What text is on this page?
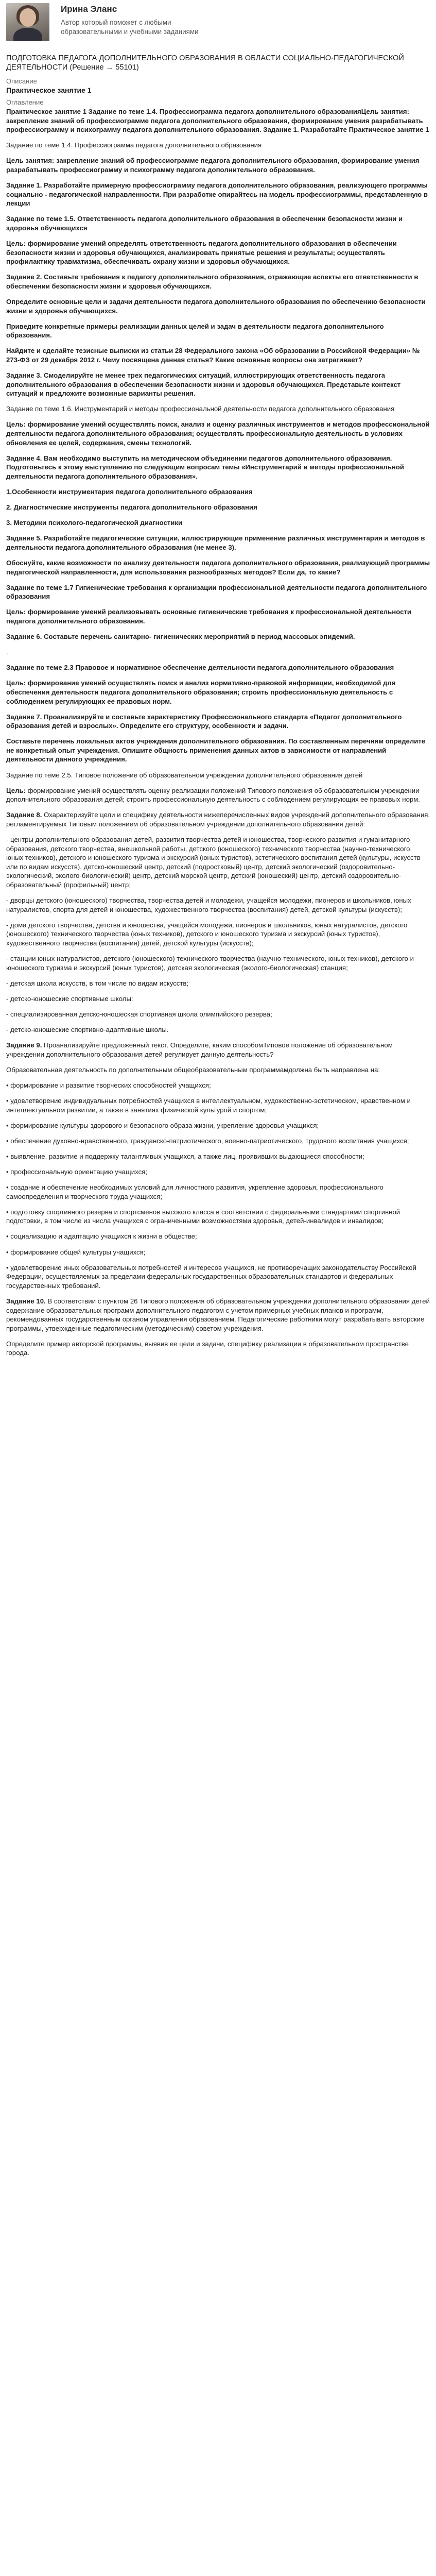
Ирина Эланс
Автор который поможет с любыми образовательными и учебными заданиями
ПОДГОТОВКА ПЕДАГОГА ДОПОЛНИТЕЛЬНОГО ОБРАЗОВАНИЯ В ОБЛАСТИ СОЦИАЛЬНО-ПЕДАГОГИЧЕСКОЙ ДЕЯТЕЛЬНОСТИ (Решение → 55101)
Описание
Практическое занятие 1
Оглавление

Практическое занятие 1 Задание по теме 1.4. Профессиограмма педагога дополнительного образованияЦель занятия: закрепление знаний об профессиограмме педагога дополнительного образования, формирование умения разрабатывать профессиограмму и психограмму педагога дополнительного образования. Задание 1. Разработайте Практическое занятие 1

Задание по теме 1.4. Профессиограмма педагога дополнительного образования

Цель занятия: закрепление знаний об профессиограмме педагога дополнительного образования, формирование умения разрабатывать профессиограмму и психограмму педагога дополнительного образования.

Задание 1. Разработайте примерную профессиограмму педагога дополнительного образования, реализующего программы социально - педагогической направленности. При разработке опирайтесь на модель профессиограммы, представленную в лекции

Задание по теме 1.5. Ответственность педагога дополнительного образования в обеспечении безопасности жизни и здоровья обучающихся

Цель: формирование умений определять ответственность педагога дополнительного образования в обеспечении безопасности жизни и здоровья обучающихся, анализировать принятые решения и результаты; осуществлять профилактику травматизма, обеспечивать охрану жизни и здоровья обучающихся.

Задание 2. Составьте требования к педагогу дополнительного образования, отражающие аспекты его ответственности в обеспечении безопасности жизни и здоровья обучающихся.

Определите основные цели и задачи деятельности педагога дополнительного образования по обеспечению безопасности жизни и здоровья обучающихся.

Приведите конкретные примеры реализации данных целей и задач в деятельности педагога дополнительного образования.

Найдите и сделайте тезисные выписки из статьи 28 Федерального закона «Об образовании в Российской Федерации» № 273-ФЗ от 29 декабря 2012 г. Чему посвящена данная статья? Какие основные вопросы она затрагивает?

Задание 3. Смоделируйте не менее трех педагогических ситуаций, иллюстрирующих ответственность педагога дополнительного образования в обеспечении безопасности жизни и здоровья обучающихся. Представьте контекст ситуаций и предложите возможные варианты решения.

Задание по теме 1.6. Инструментарий и методы профессиональной деятельности педагога дополнительного образования

Цель: формирование умений осуществлять поиск, анализ и оценку различных инструментов и методов профессиональной деятельности педагога дополнительного образования; осуществлять профессиональную деятельность в условиях обновления ее целей, содержания, смены технологий.

Задание 4. Вам необходимо выступить на методическом объединении педагогов дополнительного образования. Подготовьтесь к этому выступлению по следующим вопросам темы «Инструментарий и методы профессиональной деятельности педагога дополнительного образования».

1.Особенности инструментария педагога дополнительного образования

2. Диагностические инструменты педагога дополнительного образования

3. Методики психолого-педагогической диагностики

Задание 5. Разработайте педагогические ситуации, иллюстрирующие применение различных инструментария и методов в деятельности педагога дополнительного образования (не менее 3).

Обоснуйте, какие возможности по анализу деятельности педагога дополнительного образования, реализующий программы педагогической направленности, для использования разнообразных методов? Если да, то какие?

Задание по теме 1.7 Гигиенические требования к организации профессиональной деятельности педагога дополнительного образования

Цель: формирование умений реализовывать основные гигиенические требования к профессиональной деятельности педагога дополнительного образования.

Задание 6. Составьте перечень санитарно- гигиенических мероприятий в период массовых эпидемий.

.

Задание по теме 2.3 Правовое и нормативное обеспечение деятельности педагога дополнительного образования

Цель: формирование умений осуществлять поиск и анализ нормативно-правовой информации, необходимой для обеспечения деятельности педагога дополнительного образования; строить профессиональную деятельность с соблюдением регулирующих ее правовых норм.

Задание 7. Проанализируйте и составьте характеристику Профессионального стандарта «Педагог дополнительного образования детей и взрослых». Определите его структуру, особенности и задачи.

Составьте перечень локальных актов учреждения дополнительного образования. По составленным перечням определите не конкретный опыт учреждения. Опишите общность применения данных актов в зависимости от направлений деятельности данного учреждения.

Задание по теме 2.5. Типовое положение об образовательном учреждении дополнительного образования детей

Цель: формирование умений осуществлять оценку реализации положений Типового положения об образовательном учреждении дополнительного образования детей; строить профессиональную деятельность с соблюдением регулирующих ее правовых норм.

Задание 8. Охарактеризуйте цели и специфику деятельности нижеперечисленных видов учреждений дополнительного образования, регламентируемых Типовым положением об образовательном учреждении дополнительного образования детей:

- центры дополнительного образования детей, развития творчества детей и юношества, творческого развития и гуманитарного образования, детского творчества, внешкольной работы, детского (юношеского) технического творчества (научно-технического, юных техников), детского и юношеского туризма и экскурсий (юных туристов), эстетического воспитания детей (культуры, искусств или по видам искусств), детско-юношеский центр, детский (подростковый) центр, детский экологический (оздоровительно-экологический, эколого-биологический) центр, детский морской центр, детский (юношеский) центр, детский оздоровительно-образовательный (профильный) центр;

- дворцы детского (юношеского) творчества, творчества детей и молодежи, учащейся молодежи, пионеров и школьников, юных натуралистов, спорта для детей и юношества, художественного творчества (воспитания) детей, детской культуры (искусств);

- дома детского творчества, детства и юношества, учащейся молодежи, пионеров и школьников, юных натуралистов, детского (юношеского) технического творчества (юных техников), детского и юношеского туризма и экскурсий (юных туристов), художественного творчества (воспитания) детей, детской культуры (искусств);

- станции юных натуралистов, детского (юношеского) технического творчества (научно-технического, юных техников), детского и юношеского туризма и экскурсий (юных туристов), детская экологическая (эколого-биологическая) станция;

- детская школа искусств, в том числе по видам искусств;

- детско-юношеские спортивные школы:

- специализированная детско-юношеская спортивная школа олимпийского резерва;

- детско-юношеские спортивно-адаптивные школы.

Задание 9. Проанализируйте предложенный текст. Определите, каким способомТиповое положение об образовательном учреждении дополнительного образования детей регулирует данную деятельность?

Образовательная деятельность по дополнительным общеобразовательным программамдолжна быть направлена на:

• формирование и развитие творческих способностей учащихся;

• удовлетворение индивидуальных потребностей учащихся в интеллектуальном, художественно-эстетическом, нравственном и интеллектуальном развитии, а также в занятиях физической культурой и спортом;

• формирование культуры здорового и безопасного образа жизни, укрепление здоровья учащихся;

• обеспечение духовно-нравственного, гражданско-патриотического, военно-патриотического, трудового воспитания учащихся;

• выявление, развитие и поддержку талантливых учащихся, а также лиц, проявивших выдающиеся способности;

• профессиональную ориентацию учащихся;

• создание и обеспечение необходимых условий для личностного развития, укрепление здоровья, профессионального самоопределения и творческого труда учащихся;

• подготовку спортивного резерва и спортсменов высокого класса в соответствии с федеральными стандартами спортивной подготовки, в том числе из числа учащихся с ограниченными возможностями здоровья, детей-инвалидов и инвалидов;

• социализацию и адаптацию учащихся к жизни в обществе;

• формирование общей культуры учащихся;

• удовлетворение иных образовательных потребностей и интересов учащихся, не противоречащих законодательству Российской Федерации, осуществляемых за пределами федеральных государственных образовательных стандартов и федеральных государственных требований.

Задание 10. В соответствии с пунктом 26 Типового положения об образовательном учреждении дополнительного образования детей содержание образовательных программ дополнительного педагогом с учетом примерных учебных планов и программ, рекомендованных государственным органом управления образованием. Педагогические работники могут разрабатывать авторские программы, утвержденные педагогическим (методическим) советом учреждения.

Определите пример авторской программы, выявив ее цели и задачи, специфику реализации в образовательном пространстве города.
